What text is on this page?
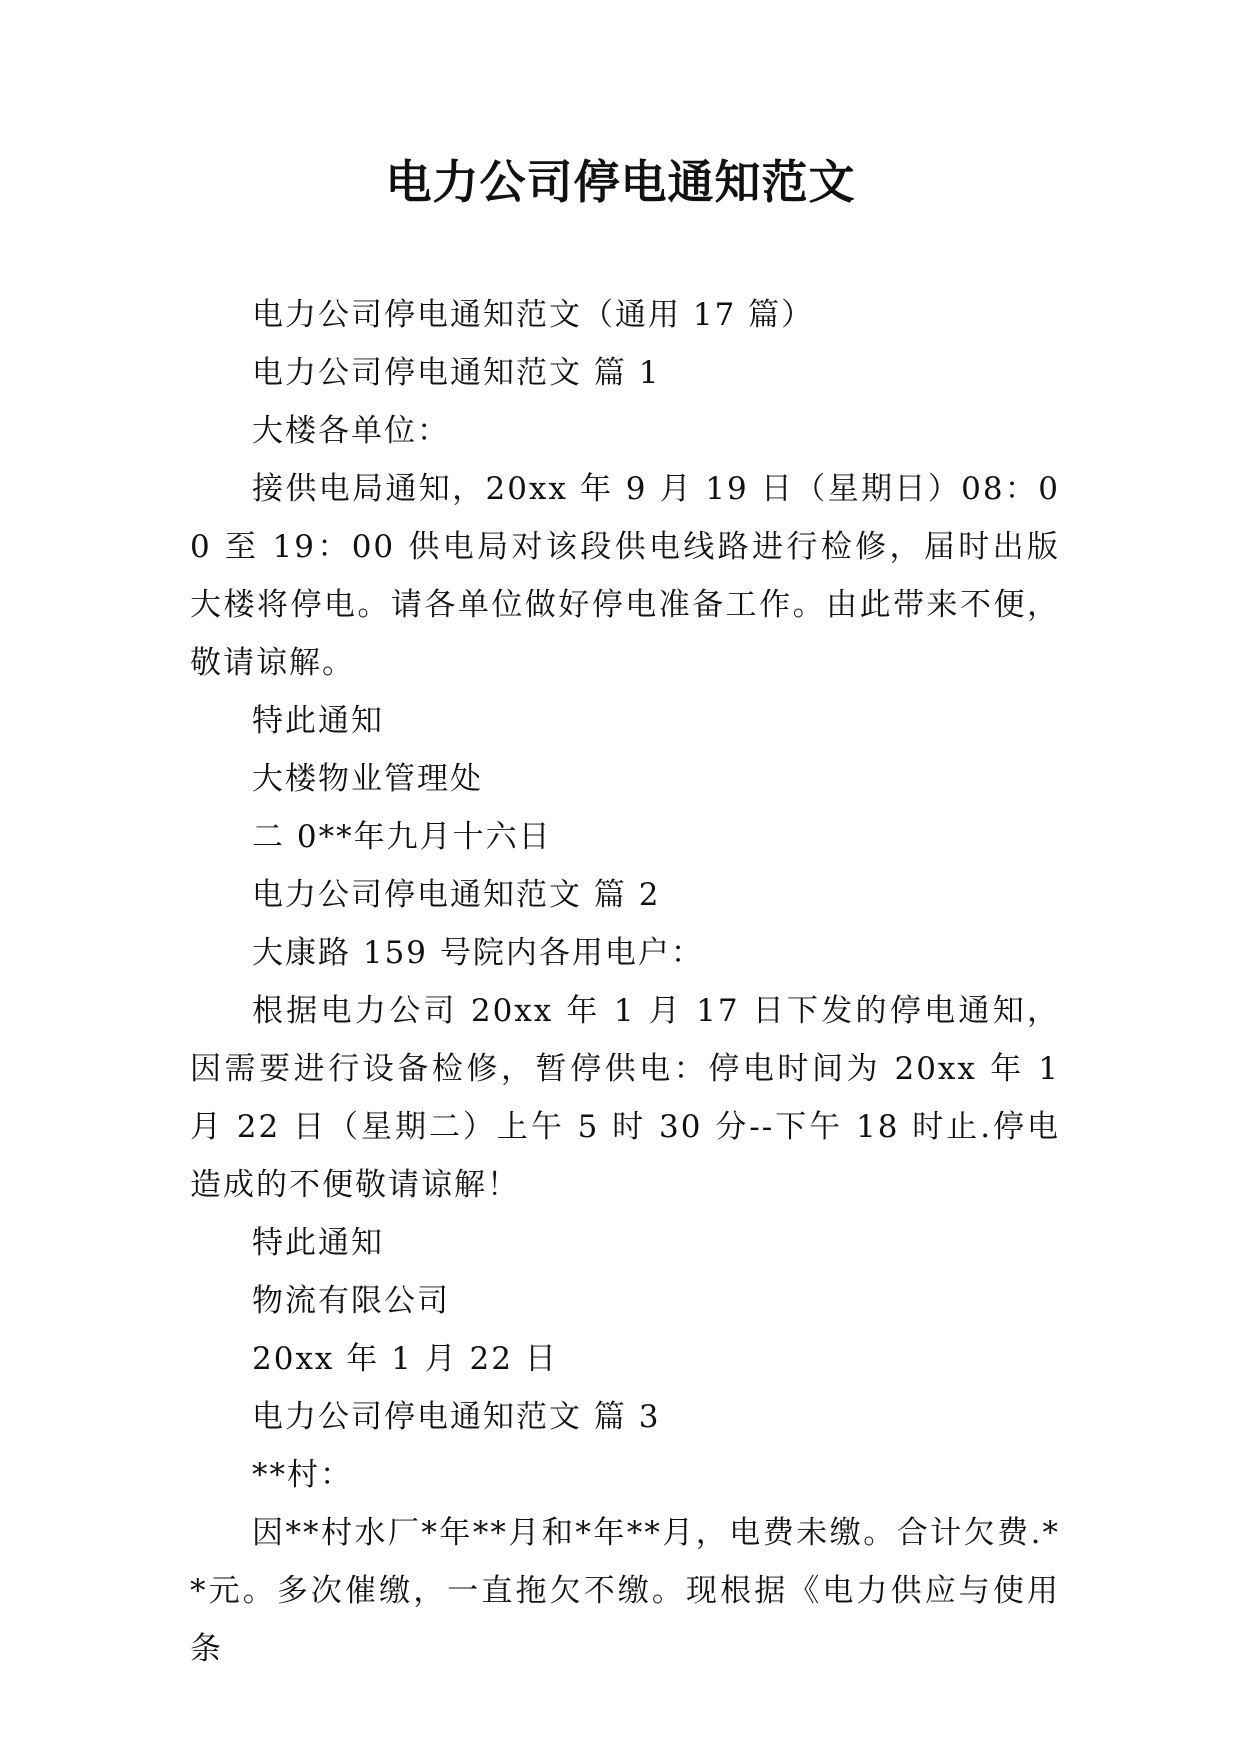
电力公司停电通知范文

电力公司停电通知范文（通用 17 篇）

电力公司停电通知范文 篇 1

大楼各单位：

接供电局通知，20xx 年 9 月 19 日（星期日）08：00 至 19：00 供电局对该段供电线路进行检修，届时出版大楼将停电。请各单位做好停电准备工作。由此带来不便，敬请谅解。

特此通知

大楼物业管理处

二 0**年九月十六日

电力公司停电通知范文 篇 2

大康路 159 号院内各用电户：

根据电力公司 20xx 年 1 月 17 日下发的停电通知，因需要进行设备检修，暂停供电：停电时间为 20xx 年 1 月 22 日（星期二）上午 5 时 30 分--下午 18 时止.停电造成的不便敬请谅解！

特此通知

物流有限公司

20xx 年 1 月 22 日

电力公司停电通知范文 篇 3

**村：

因**村水厂*年**月和*年**月，电费未缴。合计欠费.**元。多次催缴，一直拖欠不缴。现根据《电力供应与使用条
